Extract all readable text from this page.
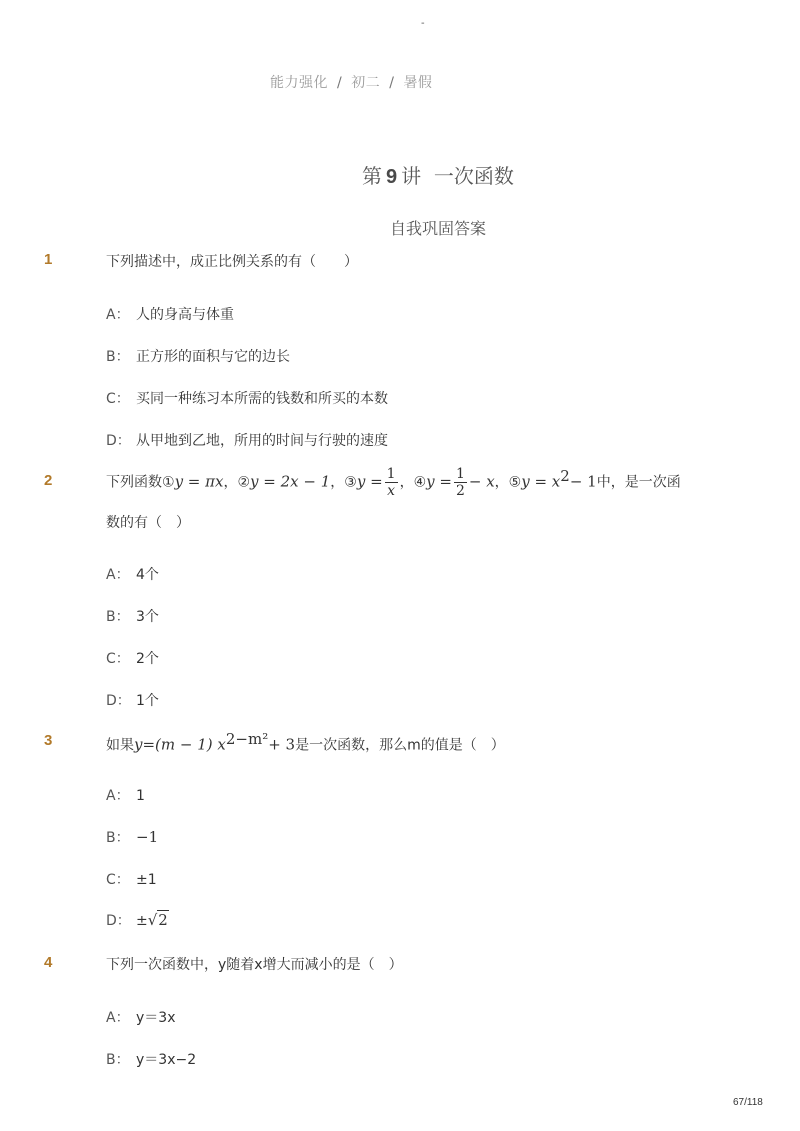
-
能力强化 / 初二 / 暑假
第 9 讲 一次函数
自我巩固答案
1	下列描述中，成正比例关系的有（　　）
A： 人的身高与体重
B： 正方形的面积与它的边长
C： 买同一种练习本所需的钱数和所买的本数
D： 从甲地到乙地，所用的时间与行驶的速度
2	下列函数①y = πx，②y = 2x − 1，③y = $\frac{1}{x}$ ，④y = $\frac{1}{2} - x$，⑤y = $x^2- 1$中，是一次函
数的有（　）
A： 4个
B： 3个
C： 2个
D： 1个
3	如果y=(m − 1) $x^{2-m^2}+ 3$是一次函数，那么m的值是（　）
A： 1
B： −1
C： ±1
D： ±√2
4	下列一次函数中，y随着x增大而减小的是（　）
A： y＝3x
B： y＝3x−2
67/118
